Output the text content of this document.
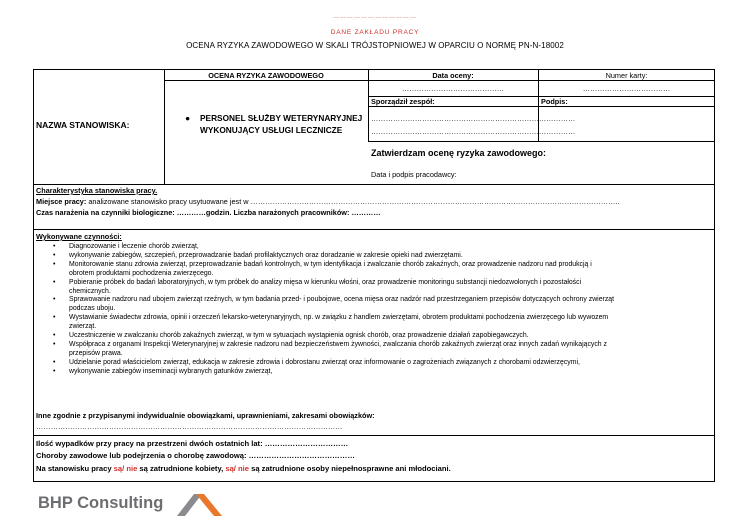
………………………………
DANE ZAKŁADU PRACY
OCENA RYZYKA ZAWODOWEGO W SKALI TRÓJSTOPNIOWEJ W OPARCIU O NORMĘ PN-N-18002
NAZWA STANOWISKA:
OCENA RYZYKA ZAWODOWEGO	Data oceny:
……………………………………
Numer karty:
………………………………
Sporządził zespół:
…………………………………………………………………………
…………………………………………………………………………
Podpis:
● PERSONEL SŁUŻBY WETERYNARYJNEJ WYKONUJĄCY USŁUGI LECZNICZE
Zatwierdzam ocenę ryzyka zawodowego:
Data i podpis pracodawcy:
Charakterystyka stanowiska pracy.
Miejsce pracy: analizowane stanowisko pracy usytuowane jest w ……………………………………………………………………………………………………………………………………..
Czas narażenia na czynniki biologiczne: …………godzin. Liczba narażonych pracowników: …………
Wykonywane czynności:
• Diagnozowanie i leczenie chorób zwierząt,
• wykonywanie zabiegów, szczepień, przeprowadzanie badań profilaktycznych oraz doradzanie w zakresie opieki nad zwierzętami.
• Monitorowanie stanu zdrowia zwierząt, przeprowadzanie badań kontrolnych, w tym identyfikacja i zwalczanie chorób zakaźnych, oraz prowadzenie nadzoru nad produkcją i
obrotem produktami pochodzenia zwierzęcego.
• Pobieranie próbek do badań laboratoryjnych, w tym próbek do analizy mięsa w kierunku włośni, oraz prowadzenie monitoringu substancji niedozwolonych i pozostałości
chemicznych.
• Sprawowanie nadzoru nad ubojem zwierząt rzeźnych, w tym badania przed- i poubojowe, ocena mięsa oraz nadzór nad przestrzeganiem przepisów dotyczących ochrony zwierząt
podczas uboju.
• Wystawianie świadectw zdrowia, opinii i orzeczeń lekarsko-weterynaryjnych, np. w związku z handlem zwierzętami, obrotem produktami pochodzenia zwierzęcego lub wywozem
zwierząt.
• Uczestniczenie w zwalczaniu chorób zakaźnych zwierząt, w tym w sytuacjach wystąpienia ognisk chorób, oraz prowadzenie działań zapobiegawczych.
• Współpraca z organami Inspekcji Weterynaryjnej w zakresie nadzoru nad bezpieczeństwem żywności, zwalczania chorób zakaźnych zwierząt oraz innych zadań wynikających z
przepisów prawa.
• Udzielanie porad właścicielom zwierząt, edukacja w zakresie zdrowia i dobrostanu zwierząt oraz informowanie o zagrożeniach związanych z chorobami odzwierzęcymi,
• wykonywanie zabiegów inseminacji wybranych gatunków zwierząt,
Inne zgodnie z przypisanymi indywidualnie obowiązkami, uprawnieniami, zakresami obowiązków:
………………………………………………………………………………………………………………
Ilość wypadków przy pracy na przestrzeni dwóch ostatnich lat: ……………………………
Choroby zawodowe lub podejrzenia o chorobę zawodową: ……………………………………
Na stanowisku pracy są/ nie są zatrudnione kobiety, są/ nie są zatrudnione osoby niepełnosprawne ani młodociani.
BHP Consulting
